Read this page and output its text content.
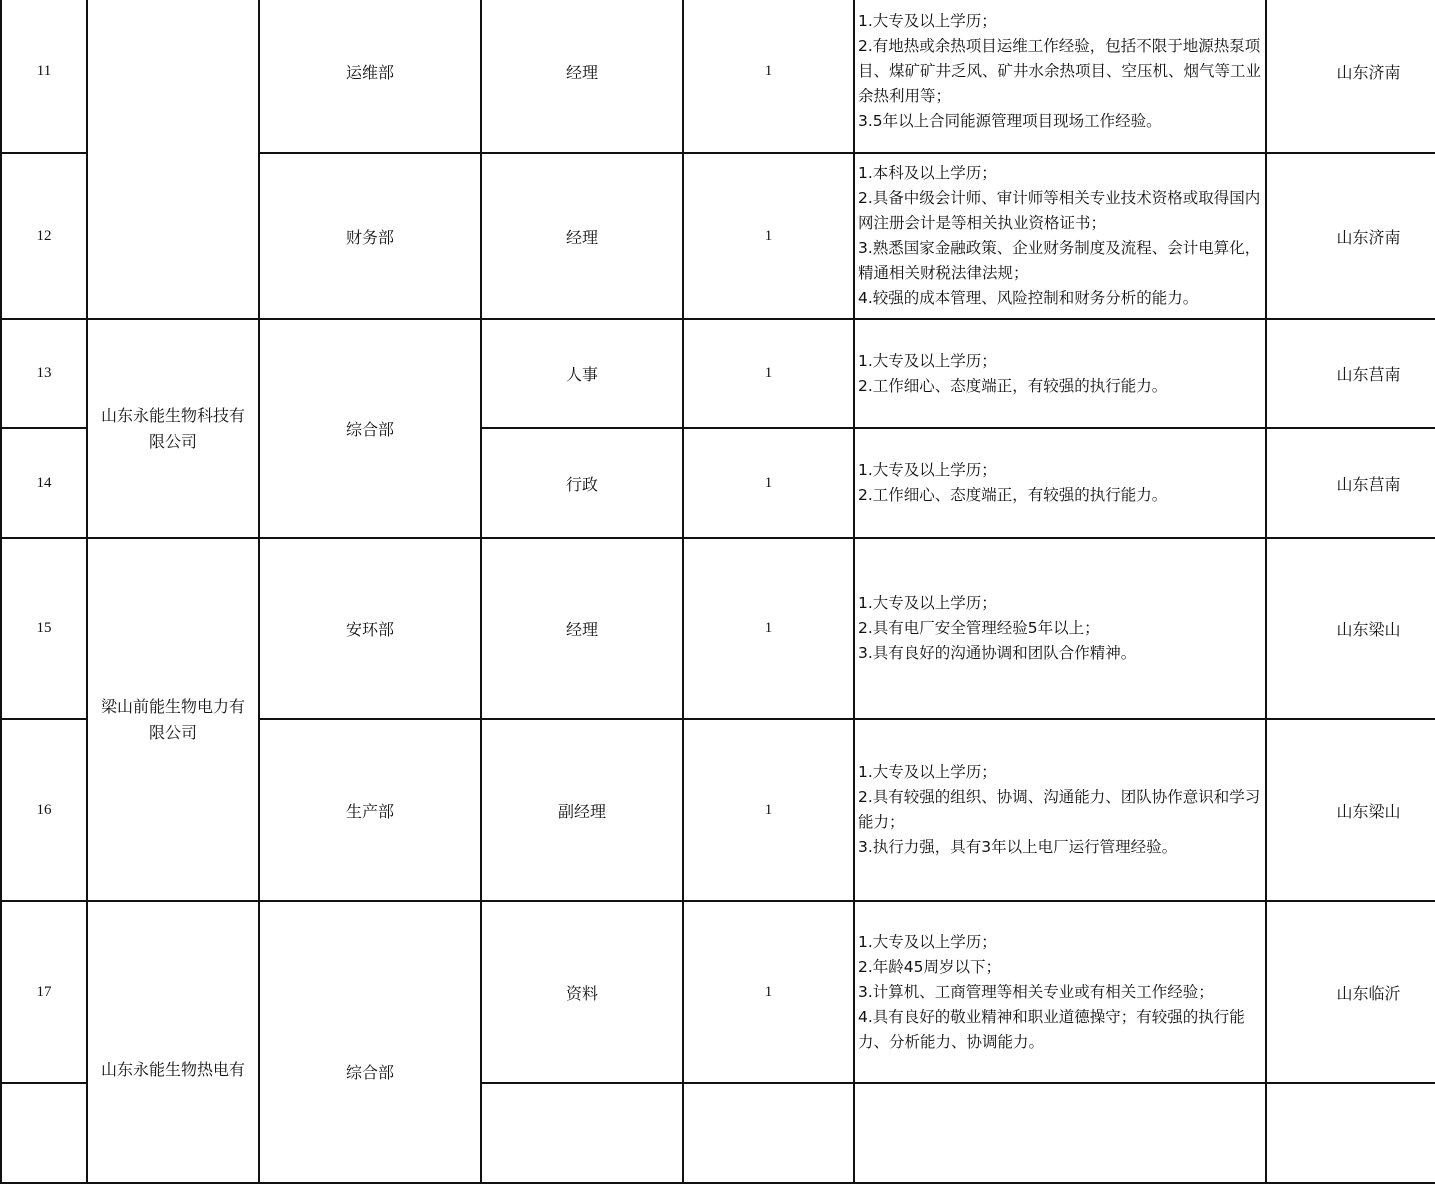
11		运维部	经理	1	1.大专及以上学历；
2.有地热或余热项目运维工作经验，包括不限于地源热泵项目、煤矿矿井乏风、矿井水余热项目、空压机、烟气等工业余热利用等；
3.5年以上合同能源管理项目现场工作经验。	山东济南
12		财务部	经理	1	1.本科及以上学历；
2.具备中级会计师、审计师等相关专业技术资格或取得国内网注册会计是等相关执业资格证书；
3.熟悉国家金融政策、企业财务制度及流程、会计电算化，精通相关财税法律法规；
4.较强的成本管理、风险控制和财务分析的能力。	山东济南
13	山东永能生物科技有限公司	综合部	人事	1	1.大专及以上学历；
2.工作细心、态度端正，有较强的执行能力。	山东莒南
14			行政	1	1.大专及以上学历；
2.工作细心、态度端正，有较强的执行能力。	山东莒南
15	梁山前能生物电力有限公司	安环部	经理	1	1.大专及以上学历；
2.具有电厂安全管理经验5年以上；
3.具有良好的沟通协调和团队合作精神。	山东梁山
16		生产部	副经理	1	1.大专及以上学历；
2.具有较强的组织、协调、沟通能力、团队协作意识和学习能力；
3.执行力强，具有3年以上电厂运行管理经验。	山东梁山
17	山东永能生物热电有	综合部	资料	1	1.大专及以上学历；
2.年龄45周岁以下；
3.计算机、工商管理等相关专业或有相关工作经验；
4.具有良好的敬业精神和职业道德操守；有较强的执行能力、分析能力、协调能力。	山东临沂
